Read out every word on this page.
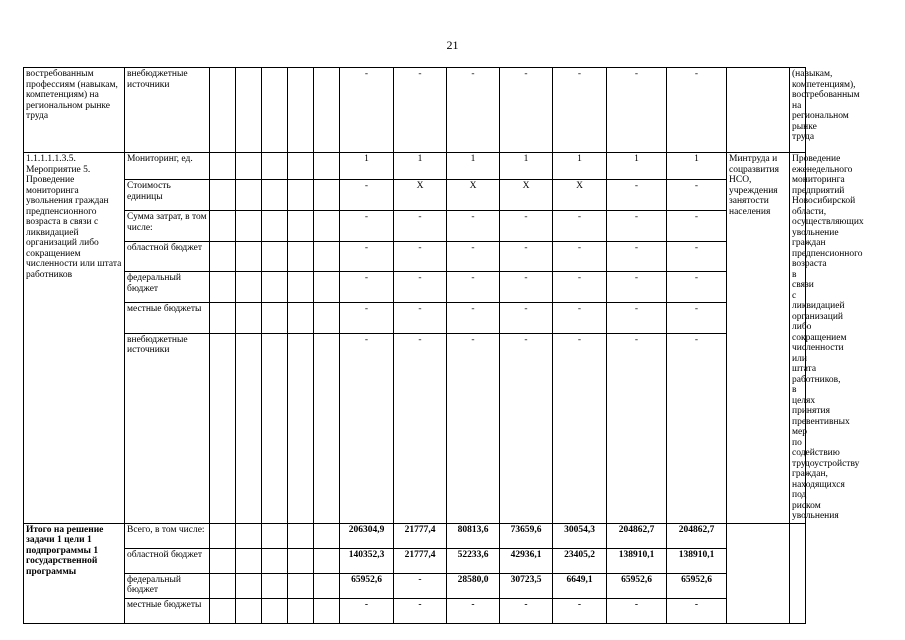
21
востребованным профессиям (навыкам, компетенциям) на региональном рынке труда	внебюджетные источники						-	-	-	-	-	-	-		(навыкам, компетенциям), востребованным на региональном рынке труда
1.1.1.1.1.3.5. Мероприятие 5. Проведение мониторинга увольнения граждан предпенсионного возраста в связи с ликвидацией организаций либо сокращением численности или штата работников	Мониторинг, ед.						1	1	1	1	1	1	1	Минтруда и соцразвития НСО, учреждения занятости населения	Проведение еженедельного мониторинга предприятий Новосибирской области, осуществляющих увольнение граждан предпенсионного возраста в связи с ликвидацией организаций либо сокращением численности или штата работников, в целях принятия превентивных мер по содействию трудоустройству граждан, находящихся под риском увольнения
	Стоимость единицы						-	X	X	X	X	-	-		
	Сумма затрат, в том числе:						-	-	-	-	-	-	-		
	областной бюджет						-	-	-	-	-	-	-		
	федеральный бюджет						-	-	-	-	-	-	-		
	местные бюджеты						-	-	-	-	-	-	-		
	внебюджетные источники						-	-	-	-	-	-	-		
Итого на решение задачи 1 цели 1 подпрограммы 1 государственной программы	Всего, в том числе:						206304,9	21777,4	80813,6	73659,6	30054,3	204862,7	204862,7		
	областной бюджет						140352,3	21777,4	52233,6	42936,1	23405,2	138910,1	138910,1		
	федеральный бюджет						65952,6	-	28580,0	30723,5	6649,1	65952,6	65952,6		
	местные бюджеты						-	-	-	-	-	-	-		
